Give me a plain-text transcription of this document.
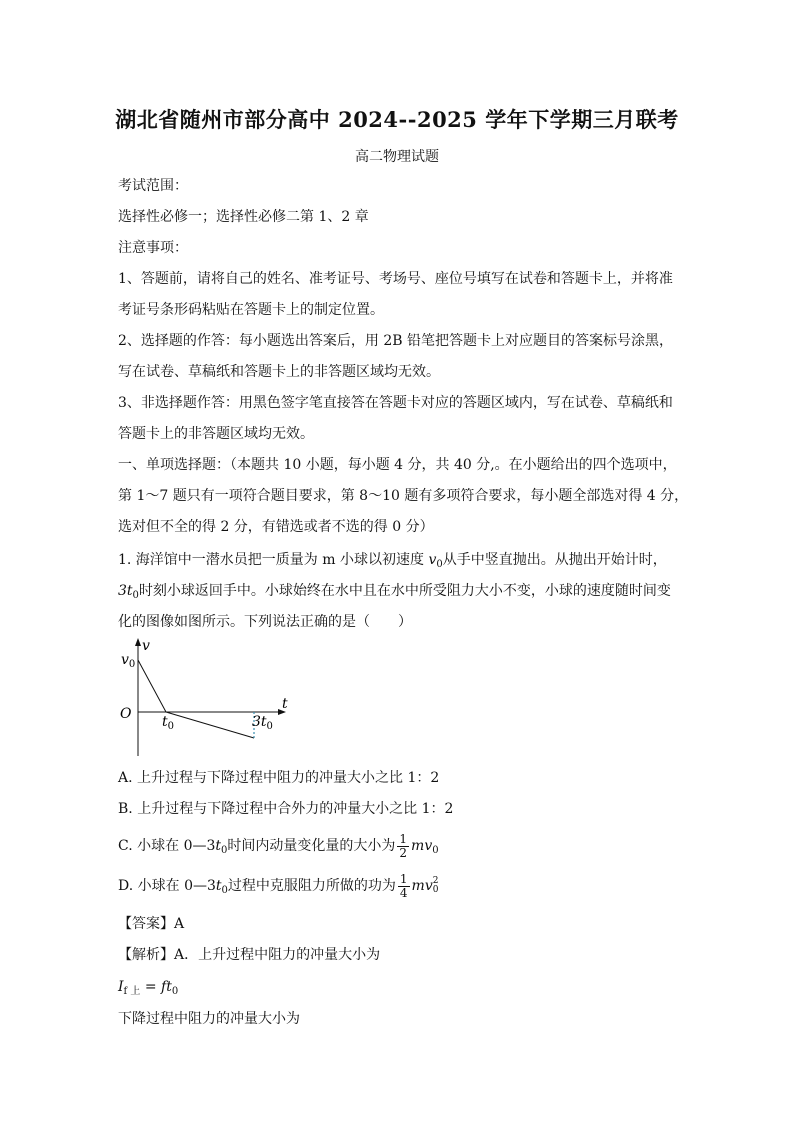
湖北省随州市部分高中 2024--2025 学年下学期三月联考
高二物理试题
考试范围：
选择性必修一；选择性必修二第 1、2 章
注意事项：
1、答题前，请将自己的姓名、准考证号、考场号、座位号填写在试卷和答题卡上，并将准
考证号条形码粘贴在答题卡上的制定位置。
2、选择题的作答：每小题选出答案后，用 2B 铅笔把答题卡上对应题目的答案标号涂黑，
写在试卷、草稿纸和答题卡上的非答题区域均无效。
3、非选择题作答：用黑色签字笔直接答在答题卡对应的答题区域内，写在试卷、草稿纸和
答题卡上的非答题区域均无效。
一、单项选择题：（本题共 10 小题，每小题 4 分，共 40 分,。在小题给出的四个选项中，
第 1～7 题只有一项符合题目要求，第 8～10 题有多项符合要求，每小题全部选对得 4 分，
选对但不全的得 2 分，有错选或者不选的得 0 分）
1. 海洋馆中一潜水员把一质量为 m 小球以初速度 $v_0$从手中竖直抛出。从抛出开始计时，
$3t_0$时刻小球返回手中。小球始终在水中且在水中所受阻力大小不变，小球的速度随时间变
化的图像如图所示。下列说法正确的是（　　）
$v_0$
v
O $t_0$	$3t_0$
t
A. 上升过程与下降过程中阻力的冲量大小之比 1：2
B. 上升过程与下降过程中合外力的冲量大小之比 1：2
C. 小球在 $0—3t_0$时间内动量变化量的大小为 $\frac{1}{2} mv_0$
D. 小球在 $0—3t_0$过程中克服阻力所做的功为 $\frac{1}{4}$ mv 2
0
【答案】A
【解析】A．上升过程中阻力的冲量大小为
$I_{f 上} = ft_0$
下降过程中阻力的冲量大小为
